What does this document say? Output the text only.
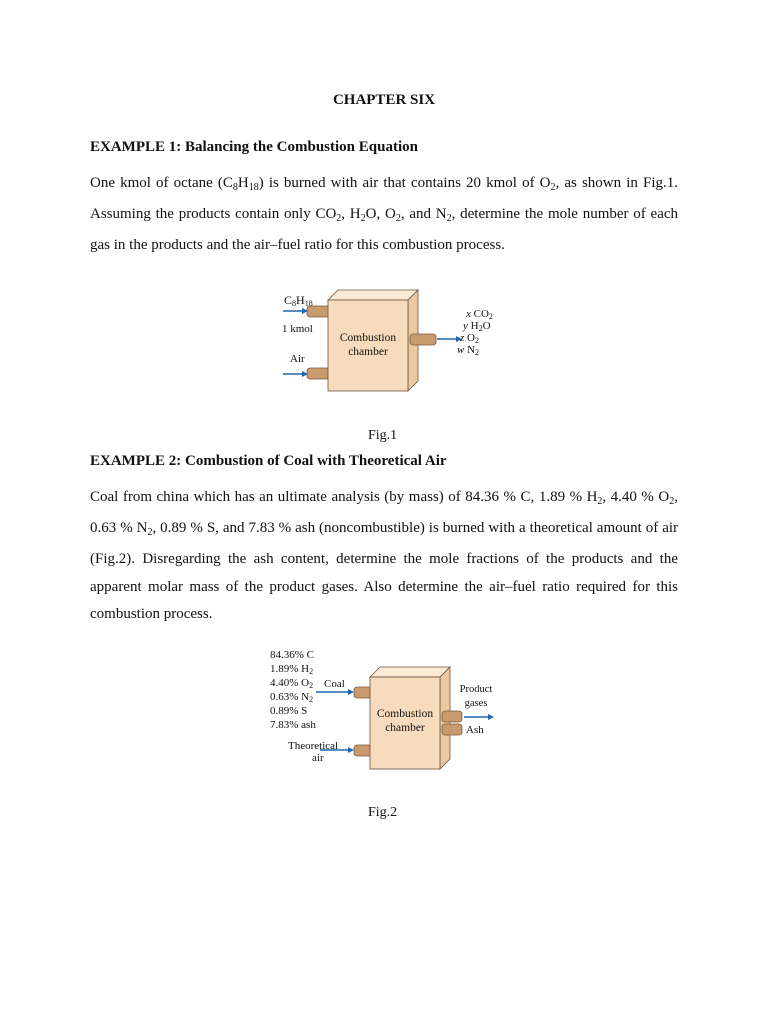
CHAPTER SIX
EXAMPLE 1: Balancing the Combustion Equation
One kmol of octane $(C_8H_{18})$ is burned with air that contains 20 kmol of $O_2$, as shown in Fig.1.
Assuming the products contain only $CO_2$, $H_2O$, $O_2$, and $N_2$, determine the mole number of each
gas in the products and the air–fuel ratio for this combustion process.
$C_8H_{18}$
1 kmol
Air
Combustion
chamber
x $CO_2$
y $H_2O$
z $O_2$
w $N_2$
Fig.1
EXAMPLE 2: Combustion of Coal with Theoretical Air
Coal from china which has an ultimate analysis (by mass) of 84.36 % C, 1.89 % $H_2$, 4.40 % $O_2$,
0.63 % $N_2$, 0.89 % S, and 7.83 % ash (noncombustible) is burned with a theoretical amount of air
(Fig.2). Disregarding the ash content, determine the mole fractions of the products and the
apparent molar mass of the product gases. Also determine the air–fuel ratio required for this
combustion process.
84.36% C
1.89% $H_2$
4.40% $O_2$
0.63% $N_2$
0.89% S
7.83% ash
Coal
Theoretical
air
Combustion
chamber
Product
gases
Ash
Fig.2
